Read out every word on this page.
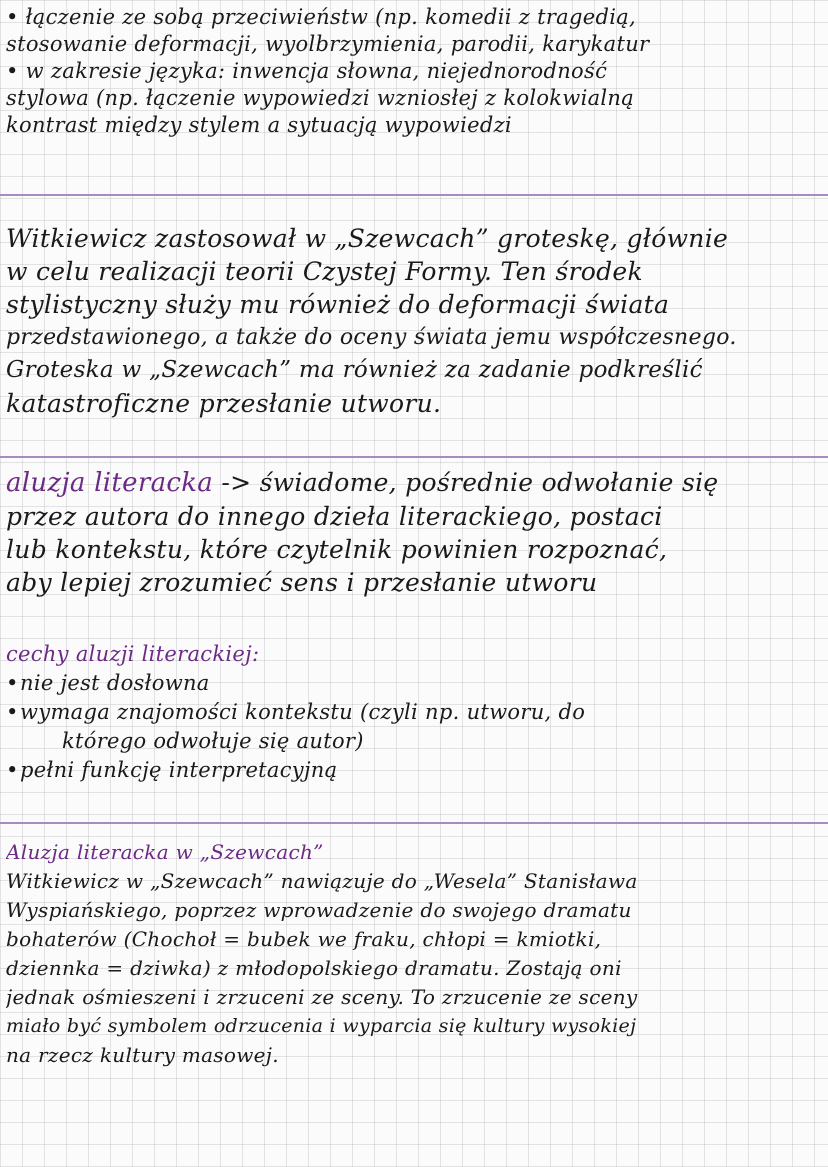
• łączenie ze sobą przeciwieństw (np. komedii z tragedią,
stosowanie deformacji, wyolbrzymienia, parodii, karykatur
• w zakresie języka: inwencja słowna, niejednorodność
stylowa (np. łączenie wypowiedzi wzniosłej z kolokwialną
kontrast między stylem a sytuacją wypowiedzi
Witkiewicz zastosował w „Szewcach” groteskę, głównie
w celu realizacji teorii Czystej Formy. Ten środek
stylistyczny służy mu również do deformacji świata
przedstawionego, a także do oceny świata jemu współczesnego.
Groteska w „Szewcach” ma również za zadanie podkreślić
katastroficzne przesłanie utworu.
aluzja literacka -> świadome, pośrednie odwołanie się
przez autora do innego dzieła literackiego, postaci
lub kontekstu, które czytelnik powinien rozpoznać,
aby lepiej zrozumieć sens i przesłanie utworu
cechy aluzji literackiej:
• nie jest dosłowna
• wymaga znajomości kontekstu (czyli np. utworu, do
którego odwołuje się autor)
• pełni funkcję interpretacyjną
Aluzja literacka w „Szewcach”
Witkiewicz w „Szewcach” nawiązuje do „Wesela” Stanisława
Wyspiańskiego, poprzez wprowadzenie do swojego dramatu
bohaterów (Chochoł = bubek we fraku, chłopi = kmiotki,
dziennka = dziwka) z młodopolskiego dramatu. Zostają oni
jednak ośmieszeni i zrzuceni ze sceny. To zrzucenie ze sceny
miało być symbolem odrzucenia i wyparcia się kultury wysokiej
na rzecz kultury masowej.
